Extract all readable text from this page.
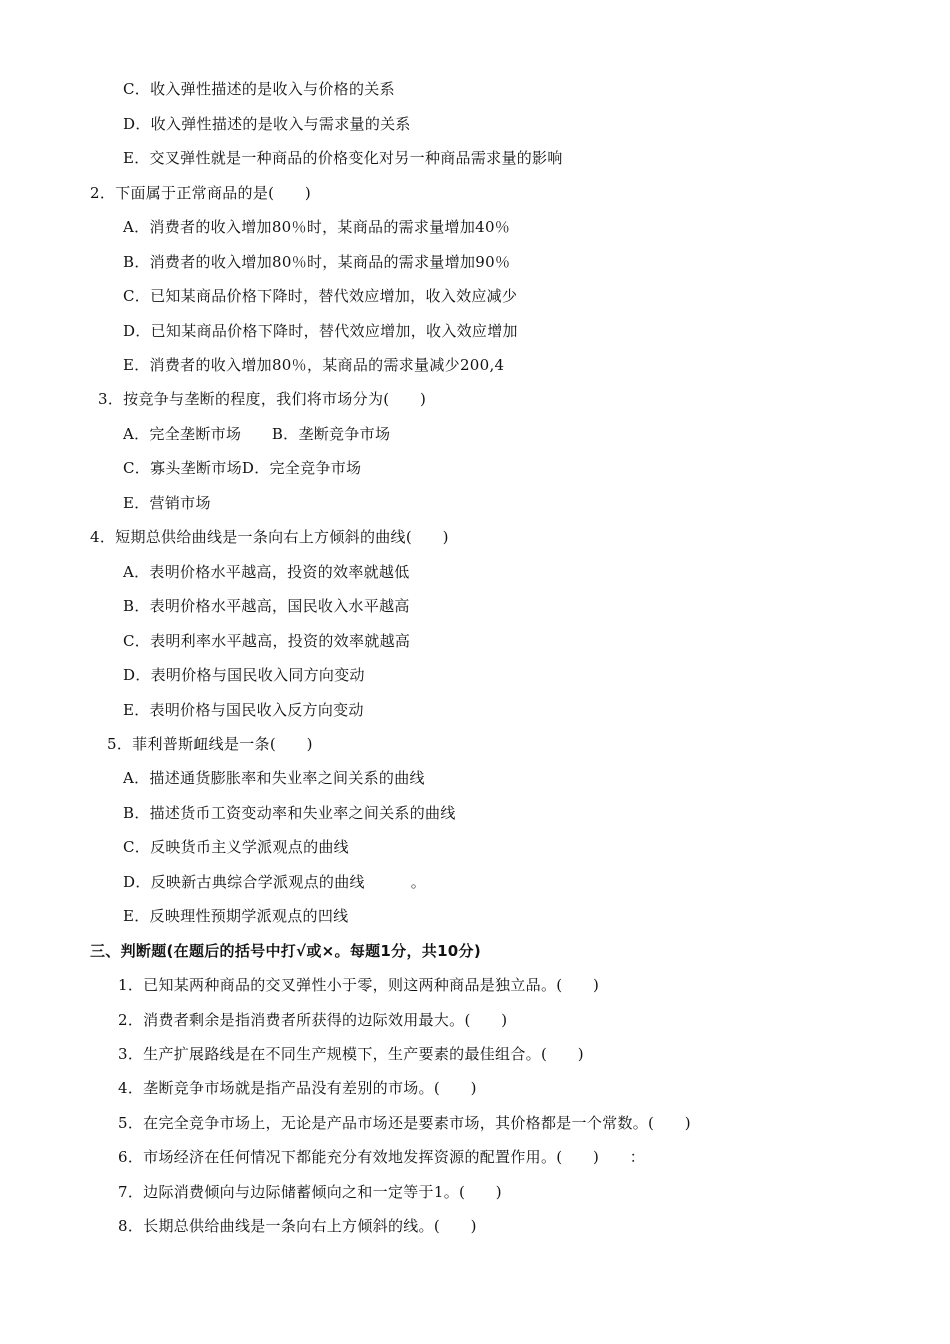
C．收入弹性描述的是收入与价格的关系
D．收入弹性描述的是收入与需求量的关系
E．交叉弹性就是一种商品的价格变化对另一种商品需求量的影响
2．下面属于正常商品的是(　　)
A．消费者的收入增加80％时，某商品的需求量增加40％
B．消费者的收入增加80％时，某商品的需求量增加90％
C．已知某商品价格下降时，替代效应增加，收入效应减少
D．已知某商品价格下降时，替代效应增加，收入效应增加
E．消费者的收入增加80％，某商品的需求量减少200,4
3．按竞争与垄断的程度，我们将市场分为(　　)
A．完全垄断市场　　B．垄断竞争市场
C．寡头垄断市场D．完全竞争市场
E．营销市场
4．短期总供给曲线是一条向右上方倾斜的曲线(　　)
A．表明价格水平越高，投资的效率就越低
B．表明价格水平越高，国民收入水平越高
C．表明利率水平越高，投资的效率就越高
D．表明价格与国民收入同方向变动
E．表明价格与国民收入反方向变动
5．菲利普斯衄线是一条(　　)
A．描述通货膨胀率和失业率之间关系的曲线
B．描述货币工资变动率和失业率之间关系的曲线
C．反映货币主义学派观点的曲线
D．反映新古典综合学派观点的曲线　　　。
E．反映理性预期学派观点的凹线
三、判断题(在题后的括号中打√或×。每题1分，共10分)
1．已知某两种商品的交叉弹性小于零，则这两种商品是独立品。(　　)
2．消费者剩余是指消费者所获得的边际效用最大。(　　)
3．生产扩展路线是在不同生产规模下，生产要素的最佳组合。(　　)
4．垄断竞争市场就是指产品没有差别的市场。(　　)
5．在完全竞争市场上，无论是产品市场还是要素市场，其价格都是一个常数。(　　)
6．市场经济在任何情况下都能充分有效地发挥资源的配置作用。(　　)　　：
7．边际消费倾向与边际储蓄倾向之和一定等于1。(　　)
8．长期总供给曲线是一条向右上方倾斜的线。(　　)
